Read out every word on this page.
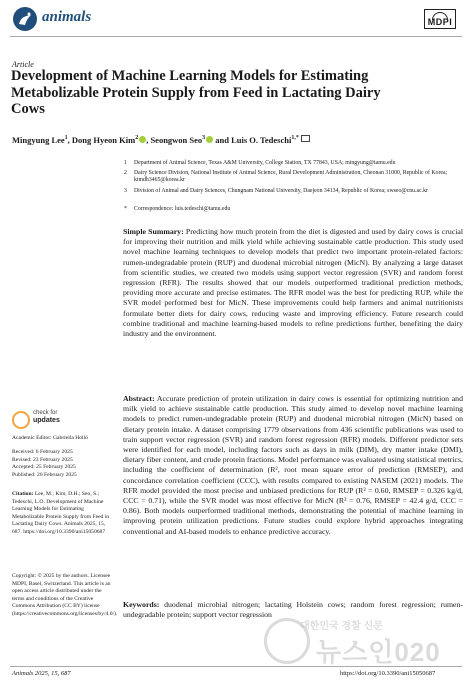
animals	MDPI
Article
Development of Machine Learning Models for Estimating Metabolizable Protein Supply from Feed in Lactating Dairy Cows
Mingyung Lee$^1$, Dong Hyeon Kim$^2$ , Seongwon Seo$^3$ and Luis O. Tedeschi$^{1,*}$
1 Department of Animal Science, Texas A&M University, College Station, TX 77843, USA; mingyung@tamu.edu
2 Dairy Science Division, National Institute of Animal Science, Rural Development Administration, Cheonan 31000, Republic of Korea; kimdh3465@korea.kr
3 Division of Animal and Dairy Sciences, Chungnam National University, Daejeon 34134, Republic of Korea; swseo@cnu.ac.kr
* Correspondence: luis.tedeschi@tamu.edu
Simple Summary: Predicting how much protein from the diet is digested and used by dairy cows is crucial for improving their nutrition and milk yield while achieving sustainable cattle production. This study used novel machine learning techniques to develop models that predict two important protein-related factors: rumen-undegradable protein (RUP) and duodenal microbial nitrogen (MicN). By analyzing a large dataset from scientific studies, we created two models using support vector regression (SVR) and random forest regression (RFR). The results showed that our models outperformed traditional prediction methods, providing more accurate and precise estimates. The RFR model was the best for predicting RUP, while the SVR model performed best for MicN. These improvements could help farmers and animal nutritionists formulate better diets for dairy cows, reducing waste and improving efficiency. Future research could combine traditional and machine learning-based models to refine predictions further, benefiting the dairy industry and the environment.
Abstract: Accurate prediction of protein utilization in dairy cows is essential for optimizing nutrition and milk yield to achieve sustainable cattle production. This study aimed to develop novel machine learning models to predict rumen-undegradable protein (RUP) and duodenal microbial nitrogen (MicN) based on dietary protein intake. A dataset comprising 1779 observations from 436 scientific publications was used to train support vector regression (SVR) and random forest regression (RFR) models. Different predictor sets were identified for each model, including factors such as days in milk (DIM), dry matter intake (DMI), dietary fiber content, and crude protein fractions. Model performance was evaluated using statistical metrics, including the coefficient of determination (R², root mean square error of prediction (RMSEP), and concordance correlation coefficient (CCC), with results compared to existing NASEM (2021) models. The RFR model provided the most precise and unbiased predictions for RUP (R² = 0.60, RMSEP = 0.326 kg/d, CCC = 0.71), while the SVR model was most effective for MicN (R² = 0.76, RMSEP = 42.4 g/d, CCC = 0.86). Both models outperformed traditional methods, demonstrating the potential of machine learning in improving protein utilization predictions. Future studies could explore hybrid approaches integrating conventional and AI-based models to enhance predictive accuracy.
Keywords: duodenal microbial nitrogen; lactating Holstein cows; random forest regression; rumen-undegradable protein; support vector regression
check for
updates
Academic Editor: Gabriella Holló
Received: 6 February 2025
Revised: 23 February 2025
Accepted: 25 February 2025
Published: 26 February 2025
Citation: Lee, M.; Kim, D.H.; Seo, S.; Tedeschi, L.O. Development of Machine Learning Models for Estimating Metabolizable Protein Supply from Feed in Lactating Dairy Cows. Animals 2025, 15, 687. https://doi.org/10.3390/ani15050687
Copyright: © 2025 by the authors. Licensee MDPI, Basel, Switzerland. This article is an open access article distributed under the terms and conditions of the Creative Commons Attribution (CC BY) license (https://creativecommons.org/licenses/by/4.0/).
대한민국 경찰 신문
뉴스인020
Animals 2025, 15, 687	https://doi.org/10.3390/ani15050687
